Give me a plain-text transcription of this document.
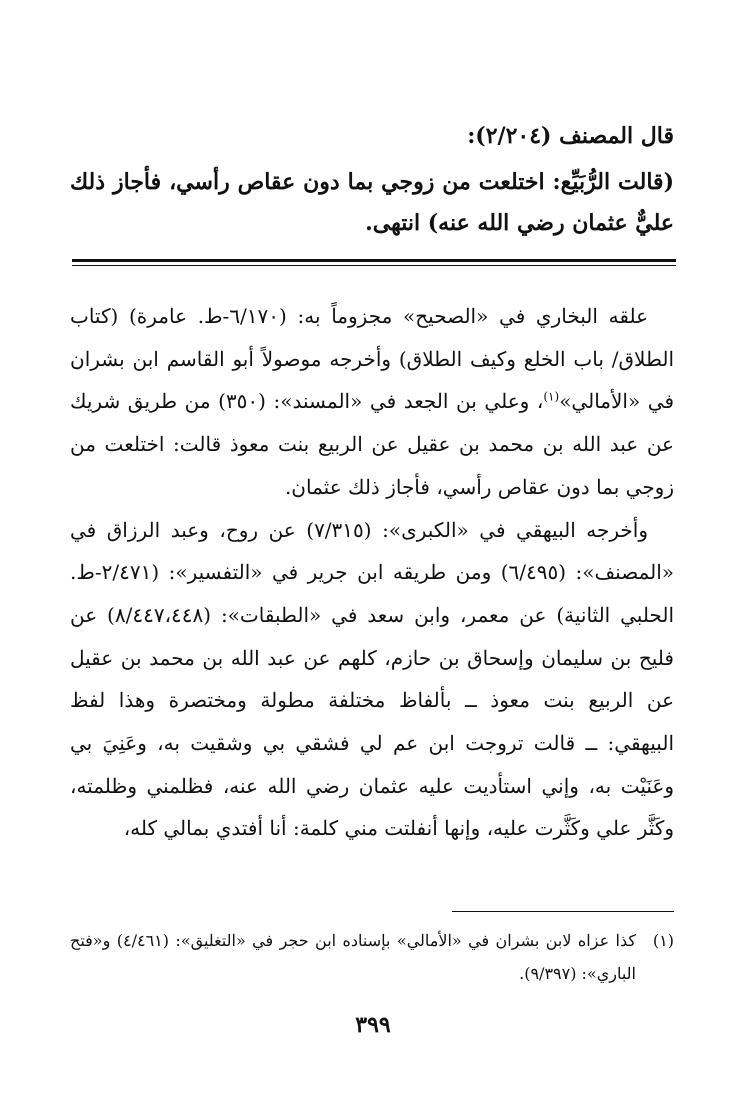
قال المصنف (٢/٢٠٤):
(قالت الرُّبَيِّع: اختلعت من زوجي بما دون عقاص رأسي، فأجاز ذلك عليٌّ عثمان رضي الله عنه) انتهى.

علقه البخاري في «الصحيح» مجزوماً به: (٦/١٧٠-ط. عامرة) (كتاب الطلاق/ باب الخلع وكيف الطلاق) وأخرجه موصولاً أبو القاسم ابن بشران في «الأمالي»$^{(١)}$، وعلي بن الجعد في «المسند»: (٣٥٠) من طريق شريك عن عبد الله بن محمد بن عقيل عن الربيع بنت معوذ قالت: اختلعت من زوجي بما دون عقاص رأسي، فأجاز ذلك عثمان.

وأخرجه البيهقي في «الكبرى»: (٧/٣١٥) عن روح، وعبد الرزاق في «المصنف»: (٦/٤٩٥) ومن طريقه ابن جرير في «التفسير»: (٢/٤٧١-ط. الحلبي الثانية) عن معمر، وابن سعد في «الطبقات»: (٨/٤٤٧،٤٤٨) عن فليح بن سليمان وإسحاق بن حازم، كلهم عن عبد الله بن محمد بن عقيل عن الربيع بنت معوذ ــ بألفاظ مختلفة مطولة ومختصرة وهذا لفظ البيهقي: ــ قالت تروجت ابن عم لي فشقي بي وشقيت به، وعَنِيَ بي وعَنَيْت به، وإني استأديت عليه عثمان رضي الله عنه، فظلمني وظلمته، وكَثَّر علي وكَثَّرت عليه، وإنها أنفلتت مني كلمة: أنا أفتدي بمالي كله،

(١)
كذا عزاه لابن بشران في «الأمالي» بإسناده ابن حجر في «التغليق»: (٤/٤٦١) و«فتح الباري»: (٩/٣٩٧).
٣٩٩
